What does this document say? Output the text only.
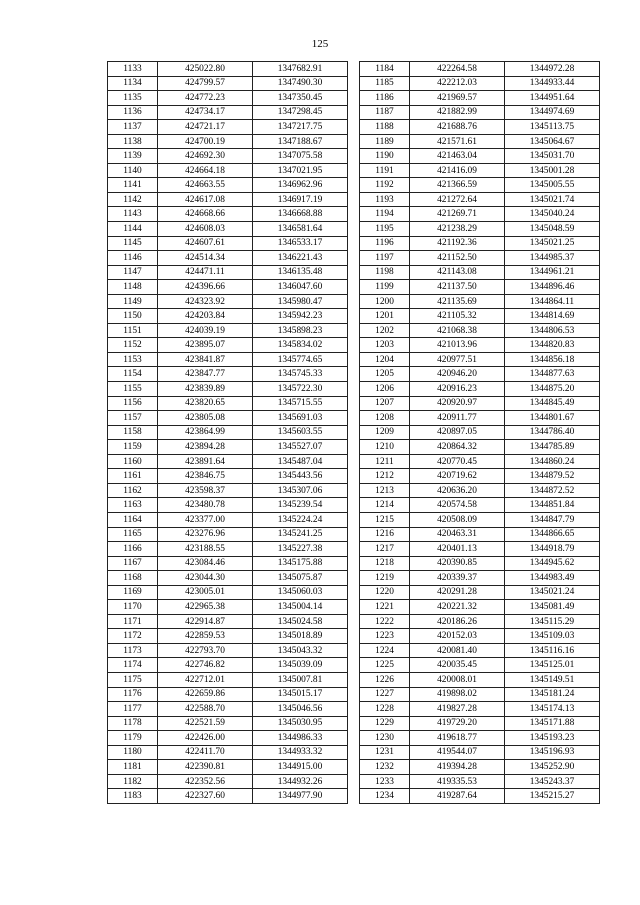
125
1133	425022.80	1347682.91
1134	424799.57	1347490.30
1135	424772.23	1347350.45
1136	424734.17	1347298.45
1137	424721.17	1347217.75
1138	424700.19	1347188.67
1139	424692.30	1347075.58
1140	424664.18	1347021.95
1141	424663.55	1346962.96
1142	424617.08	1346917.19
1143	424668.66	1346668.88
1144	424608.03	1346581.64
1145	424607.61	1346533.17
1146	424514.34	1346221.43
1147	424471.11	1346135.48
1148	424396.66	1346047.60
1149	424323.92	1345980.47
1150	424203.84	1345942.23
1151	424039.19	1345898.23
1152	423895.07	1345834.02
1153	423841.87	1345774.65
1154	423847.77	1345745.33
1155	423839.89	1345722.30
1156	423820.65	1345715.55
1157	423805.08	1345691.03
1158	423864.99	1345603.55
1159	423894.28	1345527.07
1160	423891.64	1345487.04
1161	423846.75	1345443.56
1162	423598.37	1345307.06
1163	423480.78	1345239.54
1164	423377.00	1345224.24
1165	423276.96	1345241.25
1166	423188.55	1345227.38
1167	423084.46	1345175.88
1168	423044.30	1345075.87
1169	423005.01	1345060.03
1170	422965.38	1345004.14
1171	422914.87	1345024.58
1172	422859.53	1345018.89
1173	422793.70	1345043.32
1174	422746.82	1345039.09
1175	422712.01	1345007.81
1176	422659.86	1345015.17
1177	422588.70	1345046.56
1178	422521.59	1345030.95
1179	422426.00	1344986.33
1180	422411.70	1344933.32
1181	422390.81	1344915.00
1182	422352.56	1344932.26
1183	422327.60	1344977.90
1184	422264.58	1344972.28
1185	422212.03	1344933.44
1186	421969.57	1344951.64
1187	421882.99	1344974.69
1188	421688.76	1345113.75
1189	421571.61	1345064.67
1190	421463.04	1345031.70
1191	421416.09	1345001.28
1192	421366.59	1345005.55
1193	421272.64	1345021.74
1194	421269.71	1345040.24
1195	421238.29	1345048.59
1196	421192.36	1345021.25
1197	421152.50	1344985.37
1198	421143.08	1344961.21
1199	421137.50	1344896.46
1200	421135.69	1344864.11
1201	421105.32	1344814.69
1202	421068.38	1344806.53
1203	421013.96	1344820.83
1204	420977.51	1344856.18
1205	420946.20	1344877.63
1206	420916.23	1344875.20
1207	420920.97	1344845.49
1208	420911.77	1344801.67
1209	420897.05	1344786.40
1210	420864.32	1344785.89
1211	420770.45	1344860.24
1212	420719.62	1344879.52
1213	420636.20	1344872.52
1214	420574.58	1344851.84
1215	420508.09	1344847.79
1216	420463.31	1344866.65
1217	420401.13	1344918.79
1218	420390.85	1344945.62
1219	420339.37	1344983.49
1220	420291.28	1345021.24
1221	420221.32	1345081.49
1222	420186.26	1345115.29
1223	420152.03	1345109.03
1224	420081.40	1345116.16
1225	420035.45	1345125.01
1226	420008.01	1345149.51
1227	419898.02	1345181.24
1228	419827.28	1345174.13
1229	419729.20	1345171.88
1230	419618.77	1345193.23
1231	419544.07	1345196.93
1232	419394.28	1345252.90
1233	419335.53	1345243.37
1234	419287.64	1345215.27
